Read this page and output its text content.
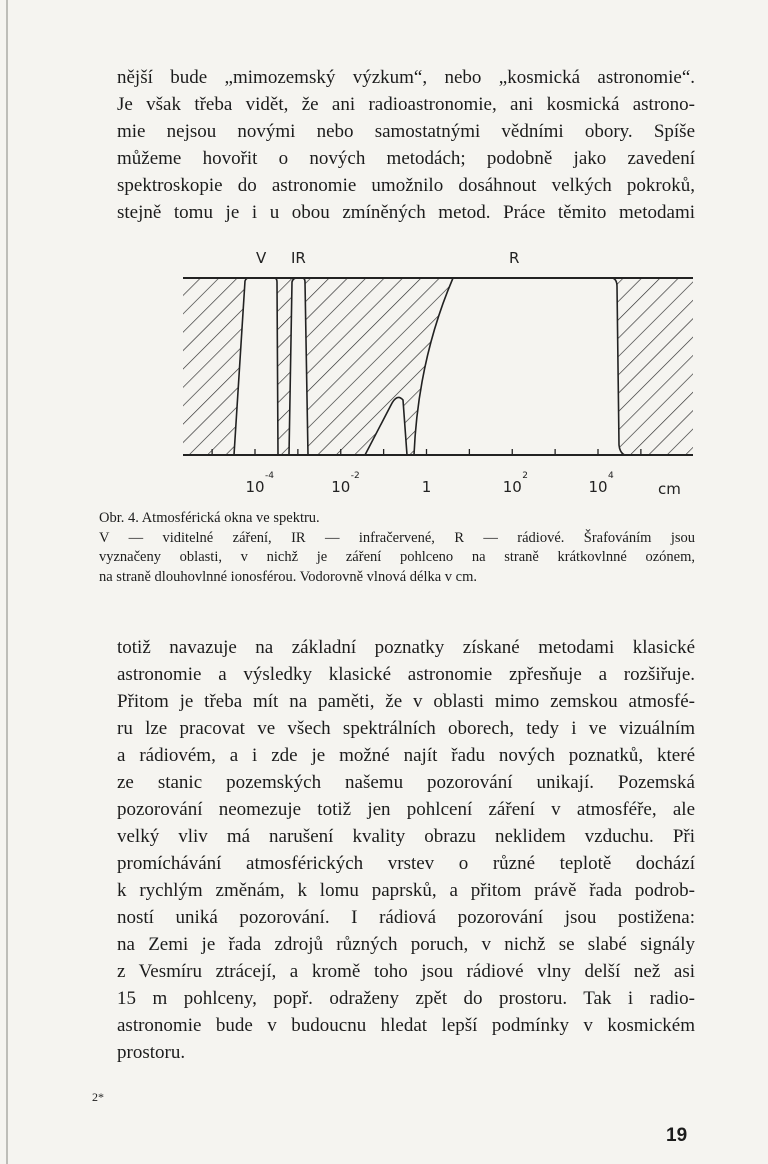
nější bude „mimozemský výzkum“, nebo „kosmická astronomie“.
Je však třeba vidět, že ani radioastronomie, ani kosmická astrono-
mie nejsou novými nebo samostatnými vědními obory. Spíše
můžeme hovořit o nových metodách; podobně jako zavedení
spektroskopie do astronomie umožnilo dosáhnout velkých pokroků,
stejně tomu je i u obou zmíněných metod. Práce těmito metodami
V IR	R
10
-4
10
-2
1	10
2
10
4
cm
Obr. 4. Atmosférická okna ve spektru.
V — viditelné záření, IR — infračervené, R — rádiové. Šrafováním jsou
vyznačeny oblasti, v nichž je záření pohlceno na straně krátkovlnné ozónem,
na straně dlouhovlnné ionosférou. Vodorovně vlnová délka v cm.
totiž navazuje na základní poznatky získané metodami klasické
astronomie a výsledky klasické astronomie zpřesňuje a rozšiřuje.
Přitom je třeba mít na paměti, že v oblasti mimo zemskou atmosfé-
ru lze pracovat ve všech spektrálních oborech, tedy i ve vizuálním
a rádiovém, a i zde je možné najít řadu nových poznatků, které
ze stanic pozemských našemu pozorování unikají. Pozemská
pozorování neomezuje totiž jen pohlcení záření v atmosféře, ale
velký vliv má narušení kvality obrazu neklidem vzduchu. Při
promíchávání atmosférických vrstev o různé teplotě dochází
k rychlým změnám, k lomu paprsků, a přitom právě řada podrob-
ností uniká pozorování. I rádiová pozorování jsou postižena:
na Zemi je řada zdrojů různých poruch, v nichž se slabé signály
z Vesmíru ztrácejí, a kromě toho jsou rádiové vlny delší než asi
15 m pohlceny, popř. odraženy zpět do prostoru. Tak i radio-
astronomie bude v budoucnu hledat lepší podmínky v kosmickém
prostoru.
2*
19
